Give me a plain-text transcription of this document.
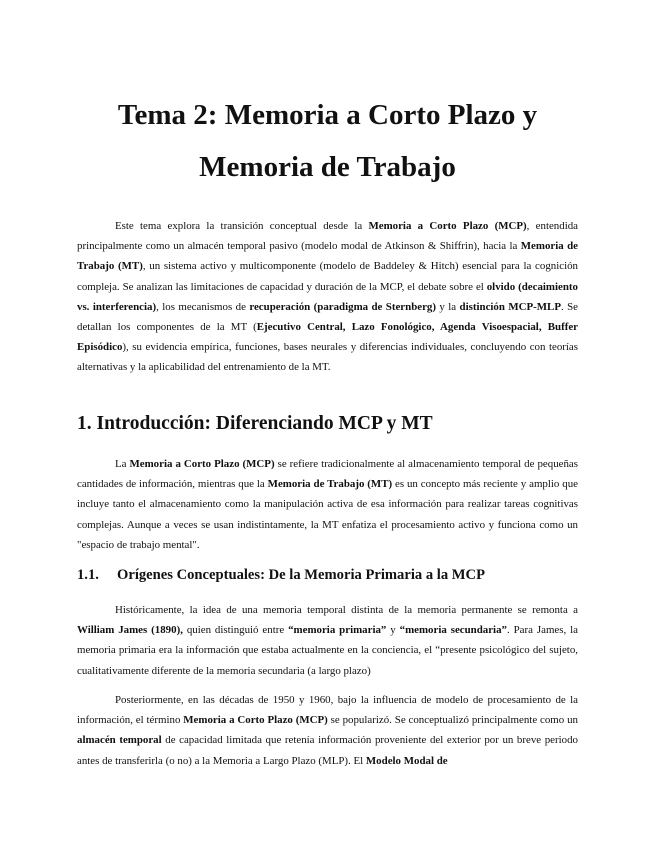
Tema 2: Memoria a Corto Plazo y
Memoria de Trabajo

Este tema explora la transición conceptual desde la Memoria a Corto Plazo (MCP), entendida principalmente como un almacén temporal pasivo (modelo modal de Atkinson & Shiffrin), hacia la Memoria de Trabajo (MT), un sistema activo y multicomponente (modelo de Baddeley & Hitch) esencial para la cognición compleja. Se analizan las limitaciones de capacidad y duración de la MCP, el debate sobre el olvido (decaimiento vs. interferencia), los mecanismos de recuperación (paradigma de Sternberg) y la distinción MCP-MLP. Se detallan los componentes de la MT (Ejecutivo Central, Lazo Fonológico, Agenda Visoespacial, Buffer Episódico), su evidencia empírica, funciones, bases neurales y diferencias individuales, concluyendo con teorías alternativas y la aplicabilidad del entrenamiento de la MT.

1. Introducción: Diferenciando MCP y MT

La Memoria a Corto Plazo (MCP) se refiere tradicionalmente al almacenamiento temporal de pequeñas cantidades de información, mientras que la Memoria de Trabajo (MT) es un concepto más reciente y amplio que incluye tanto el almacenamiento como la manipulación activa de esa información para realizar tareas cognitivas complejas. Aunque a veces se usan indistintamente, la MT enfatiza el procesamiento activo y funciona como un "espacio de trabajo mental".

1.1. Orígenes Conceptuales: De la Memoria Primaria a la MCP

Históricamente, la idea de una memoria temporal distinta de la memoria permanente se remonta a William James (1890), quien distinguió entre “memoria primaria” y “memoria secundaria”. Para James, la memoria primaria era la información que estaba actualmente en la conciencia, el “presente psicológico del sujeto, cualitativamente diferente de la memoria secundaria (a largo plazo)

Posteriormente, en las décadas de 1950 y 1960, bajo la influencia de modelo de procesamiento de la información, el término Memoria a Corto Plazo (MCP) se popularizó. Se conceptualizó principalmente como un almacén temporal de capacidad limitada que retenía información proveniente del exterior por un breve periodo antes de transferirla (o no) a la Memoria a Largo Plazo (MLP). El Modelo Modal de
